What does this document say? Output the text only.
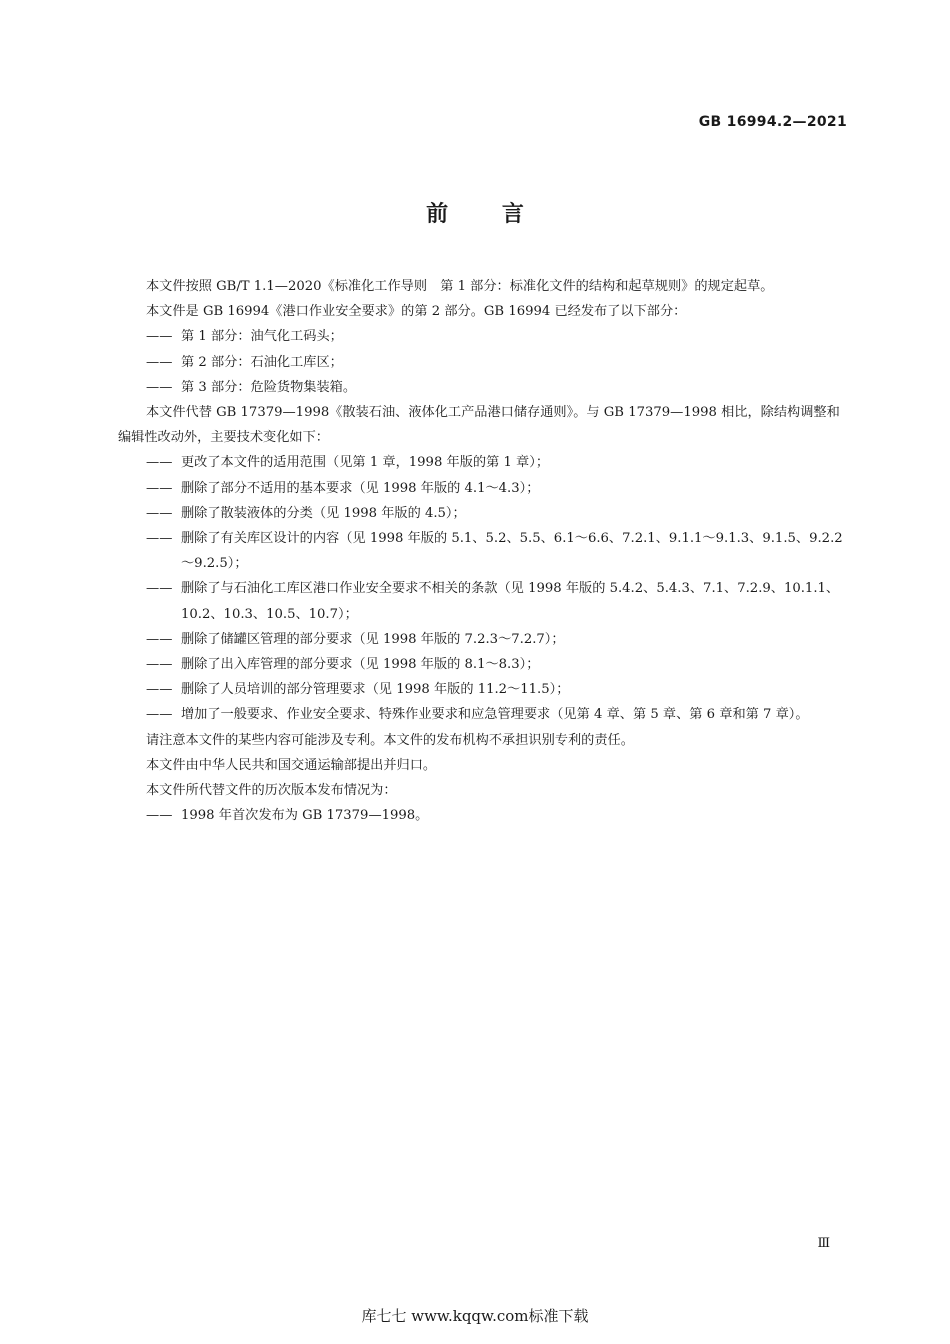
GB 16994.2—2021
前 言

本文件按照 GB/T 1.1—2020《标准化工作导则　第 1 部分：标准化文件的结构和起草规则》的规定起草。

本文件是 GB 16994《港口作业安全要求》的第 2 部分。GB 16994 已经发布了以下部分：

—— 第 1 部分：油气化工码头；

—— 第 2 部分：石油化工库区；

—— 第 3 部分：危险货物集装箱。

本文件代替 GB 17379—1998《散装石油、液体化工产品港口储存通则》。与 GB 17379—1998 相比，除结构调整和编辑性改动外，主要技术变化如下：

—— 更改了本文件的适用范围（见第 1 章，1998 年版的第 1 章）；

—— 删除了部分不适用的基本要求（见 1998 年版的 4.1～4.3）；

—— 删除了散装液体的分类（见 1998 年版的 4.5）；

—— 删除了有关库区设计的内容（见 1998 年版的 5.1、5.2、5.5、6.1～6.6、7.2.1、9.1.1～9.1.3、9.1.5、9.2.2～9.2.5）；

—— 删除了与石油化工库区港口作业安全要求不相关的条款（见 1998 年版的 5.4.2、5.4.3、7.1、7.2.9、10.1.1、10.2、10.3、10.5、10.7）；

—— 删除了储罐区管理的部分要求（见 1998 年版的 7.2.3～7.2.7）；

—— 删除了出入库管理的部分要求（见 1998 年版的 8.1～8.3）；

—— 删除了人员培训的部分管理要求（见 1998 年版的 11.2～11.5）；

—— 增加了一般要求、作业安全要求、特殊作业要求和应急管理要求（见第 4 章、第 5 章、第 6 章和第 7 章）。

请注意本文件的某些内容可能涉及专利。本文件的发布机构不承担识别专利的责任。

本文件由中华人民共和国交通运输部提出并归口。

本文件所代替文件的历次版本发布情况为：

—— 1998 年首次发布为 GB 17379—1998。

Ⅲ
库七七 www.kqqw.com标准下载
